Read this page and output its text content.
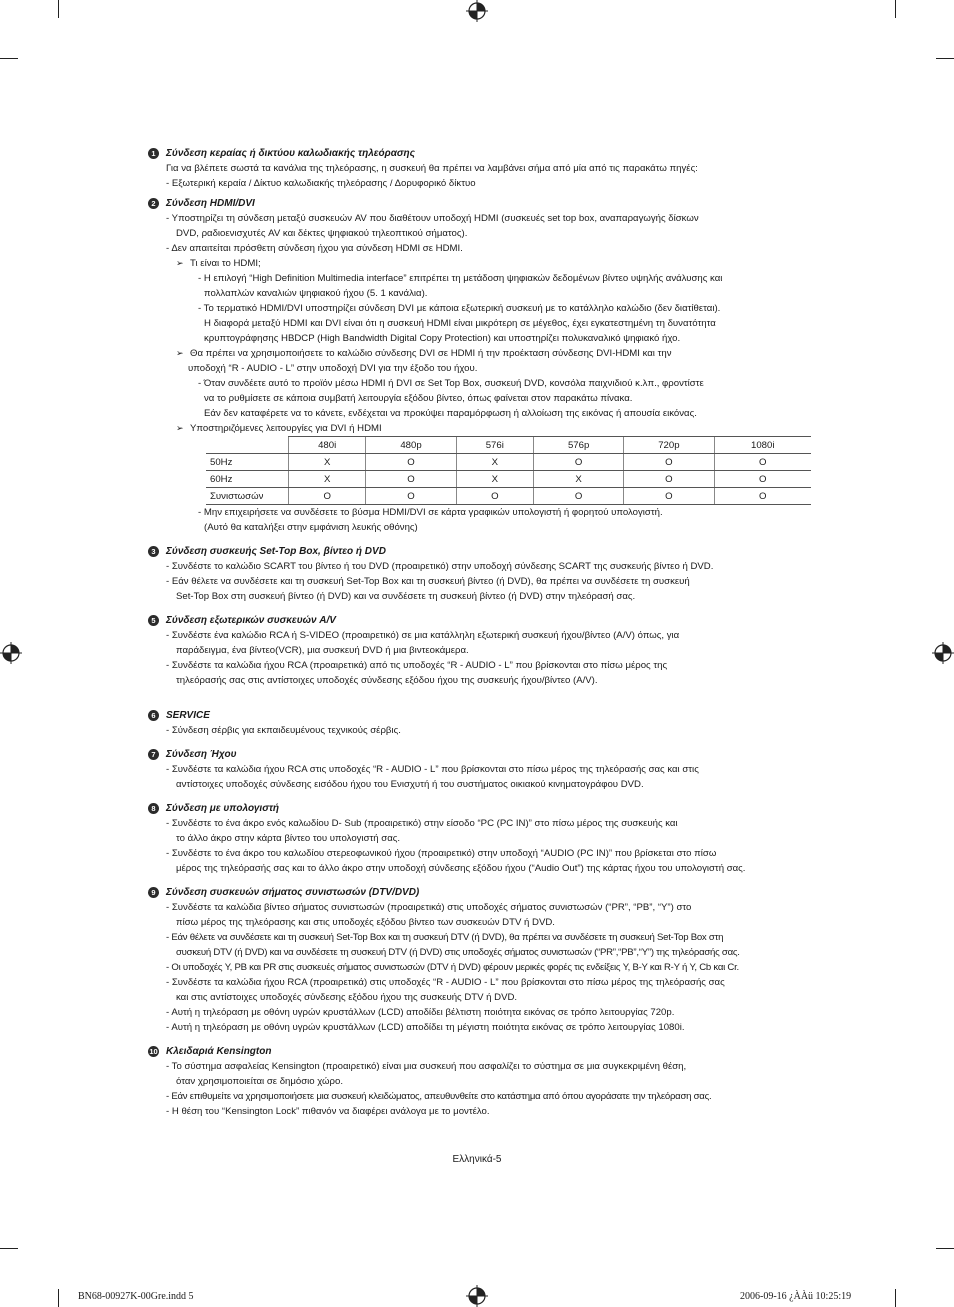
1	Σύνδεση κεραίας ή δικτύου καλωδιακής τηλεόρασης
Για να βλέπετε σωστά τα κανάλια της τηλεόρασης, η συσκευή θα πρέπει να λαμβάνει σήμα από μία από τις παρακάτω πηγές:
- Εξωτερική κεραία / Δίκτυο καλωδιακής τηλεόρασης / Δορυφορικό δίκτυο
2	Σύνδεση HDMI/DVI
- Υποστηρίζει τη σύνδεση μεταξύ συσκευών AV που διαθέτουν υποδοχή HDMI (συσκευές set top box, αναπαραγωγής δίσκων
DVD, ραδιοενισχυτές AV και δέκτες ψηφιακού τηλεοπτικού σήματος).
- Δεν απαιτείται πρόσθετη σύνδεση ήχου για σύνδεση HDMI σε HDMI.
➢ Τι είναι το HDMI;
- Η επιλογή “High Definition Multimedia interface” επιτρέπει τη μετάδοση ψηφιακών δεδομένων βίντεο υψηλής ανάλυσης και
πολλαπλών καναλιών ψηφιακού ήχου (5. 1 κανάλια).
- Το τερματικό HDMI/DVI υποστηρίζει σύνδεση DVI με κάποια εξωτερική συσκευή με το κατάλληλο καλώδιο (δεν διατίθεται).
Η διαφορά μεταξύ HDMI και DVI είναι ότι η συσκευή HDMI είναι μικρότερη σε μέγεθος, έχει εγκατεστημένη τη δυνατότητα
κρυπτογράφησης HBDCP (High Bandwidth Digital Copy Protection) και υποστηρίζει πολυκαναλικό ψηφιακό ήχο.
➢ Θα πρέπει να χρησιμοποιήσετε το καλώδιο σύνδεσης DVI σε HDMI ή την προέκταση σύνδεσης DVI-HDMI και την
υποδοχή “R - AUDIO - L” στην υποδοχή DVI για την έξοδο του ήχου.
- Όταν συνδέετε αυτό το προϊόν μέσω HDMI ή DVI σε Set Top Box, συσκευή DVD, κονσόλα παιχνιδιού κ.λπ., φροντίστε
να το ρυθμίσετε σε κάποια συμβατή λειτουργία εξόδου βίντεο, όπως φαίνεται στον παρακάτω πίνακα.
Εάν δεν καταφέρετε να το κάνετε, ενδέχεται να προκύψει παραμόρφωση ή αλλοίωση της εικόνας ή απουσία εικόνας.
➢ Υποστηριζόμενες λειτουργίες για DVI ή HDMI
	480i	480p	576i	576p	720p	1080i
50Hz	X	O	X	O	O	O
60Hz	X	O	X	X	O	O
Συνιστωσών	O	O	O	O	O	O
- Μην επιχειρήσετε να συνδέσετε το βύσμα HDMI/DVI σε κάρτα γραφικών υπολογιστή ή φορητού υπολογιστή.
(Αυτό θα καταλήξει στην εμφάνιση λευκής οθόνης)
3	Σύνδεση συσκευής Set-Top Box, βίντεο ή DVD
- Συνδέστε το καλώδιο SCART του βίντεο ή του DVD (προαιρετικό) στην υποδοχή σύνδεσης SCART της συσκευής βίντεο ή DVD.
- Εάν θέλετε να συνδέσετε και τη συσκευή Set-Top Box και τη συσκευή βίντεο (ή DVD), θα πρέπει να συνδέσετε τη συσκευή
Set-Top Box στη συσκευή βίντεο (ή DVD) και να συνδέσετε τη συσκευή βίντεο (ή DVD) στην τηλεόρασή σας.
5	Σύνδεση εξωτερικών συσκευών A/V
- Συνδέστε ένα καλώδιο RCA ή S-VIDEO (προαιρετικό) σε μια κατάλληλη εξωτερική συσκευή ήχου/βίντεο (A/V) όπως, για
παράδειγμα, ένα βίντεο(VCR), μια συσκευή DVD ή μια βιντεοκάμερα.
- Συνδέστε τα καλώδια ήχου RCA (προαιρετικά) από τις υποδοχές “R - AUDIO - L” που βρίσκονται στο πίσω μέρος της
τηλεόρασής σας στις αντίστοιχες υποδοχές σύνδεσης εξόδου ήχου της συσκευής ήχου/βίντεο (A/V).
6	SERVICE
- Σύνδεση σέρβις για εκπαιδευμένους τεχνικούς σέρβις.
7	Σύνδεση Ήχου
- Συνδέστε τα καλώδια ήχου RCA στις υποδοχές “R - AUDIO - L” που βρίσκονται στο πίσω μέρος της τηλεόρασής σας και στις
αντίστοιχες υποδοχές σύνδεσης εισόδου ήχου του Ενισχυτή ή του συστήματος οικιακού κινηματογράφου DVD.
8	Σύνδεση με υπολογιστή
- Συνδέστε το ένα άκρο ενός καλωδίου D- Sub (προαιρετικό) στην είσοδο “PC (PC IN)” στο πίσω μέρος της συσκευής και
το άλλο άκρο στην κάρτα βίντεο του υπολογιστή σας.
- Συνδέστε το ένα άκρο του καλωδίου στερεοφωνικού ήχου (προαιρετικό) στην υποδοχή “AUDIO (PC IN)” που βρίσκεται στο πίσω
μέρος της τηλεόρασής σας και το άλλο άκρο στην υποδοχή σύνδεσης εξόδου ήχου (“Audio Out”) της κάρτας ήχου του υπολογιστή σας.
9	Σύνδεση συσκευών σήματος συνιστωσών (DTV/DVD)
- Συνδέστε τα καλώδια βίντεο σήματος συνιστωσών (προαιρετικά) στις υποδοχές σήματος συνιστωσών (“PR”, “PB”, “Y”) στο
πίσω μέρος της τηλεόρασης και στις υποδοχές εξόδου βίντεο των συσκευών DTV ή DVD.
- Εάν θέλετε να συνδέσετε και τη συσκευή Set-Top Box και τη συσκευή DTV (ή DVD), θα πρέπει να συνδέσετε τη συσκευή Set-Top Box στη
συσκευή DTV (ή DVD) και να συνδέσετε τη συσκευή DTV (ή DVD) στις υποδοχές σήματος συνιστωσών (“PR”,“PB”,“Y”) της τηλεόρασής σας.
- Οι υποδοχές Y, PB και PR στις συσκευές σήματος συνιστωσών (DTV ή DVD) φέρουν μερικές φορές τις ενδείξεις Y, B-Y και R-Y ή Y, Cb και Cr.
- Συνδέστε τα καλώδια ήχου RCA (προαιρετικά) στις υποδοχές “R - AUDIO - L” που βρίσκονται στο πίσω μέρος της τηλεόρασής σας
και στις αντίστοιχες υποδοχές σύνδεσης εξόδου ήχου της συσκευής DTV ή DVD.
- Αυτή η τηλεόραση με οθόνη υγρών κρυστάλλων (LCD) αποδίδει βέλτιστη ποιότητα εικόνας σε τρόπο λειτουργίας 720p.
- Αυτή η τηλεόραση με οθόνη υγρών κρυστάλλων (LCD) αποδίδει τη μέγιστη ποιότητα εικόνας σε τρόπο λειτουργίας 1080i.
10 Κλειδαριά Kensington
- Το σύστημα ασφαλείας Kensington (προαιρετικό) είναι μια συσκευή που ασφαλίζει το σύστημα σε μια συγκεκριμένη θέση,
όταν χρησιμοποιείται σε δημόσιο χώρο.
- Εάν επιθυμείτε να χρησιμοποιήσετε μια συσκευή κλειδώματος, απευθυνθείτε στο κατάστημα από όπου αγοράσατε την τηλεόραση σας.
- Η θέση του “Kensington Lock” πιθανόν να διαφέρει ανάλογα με το μοντέλο.
Ελληνικά-5
BN68-00927K-00Gre.indd 5	2006-09-16 ¿ÀÀü 10:25:19
